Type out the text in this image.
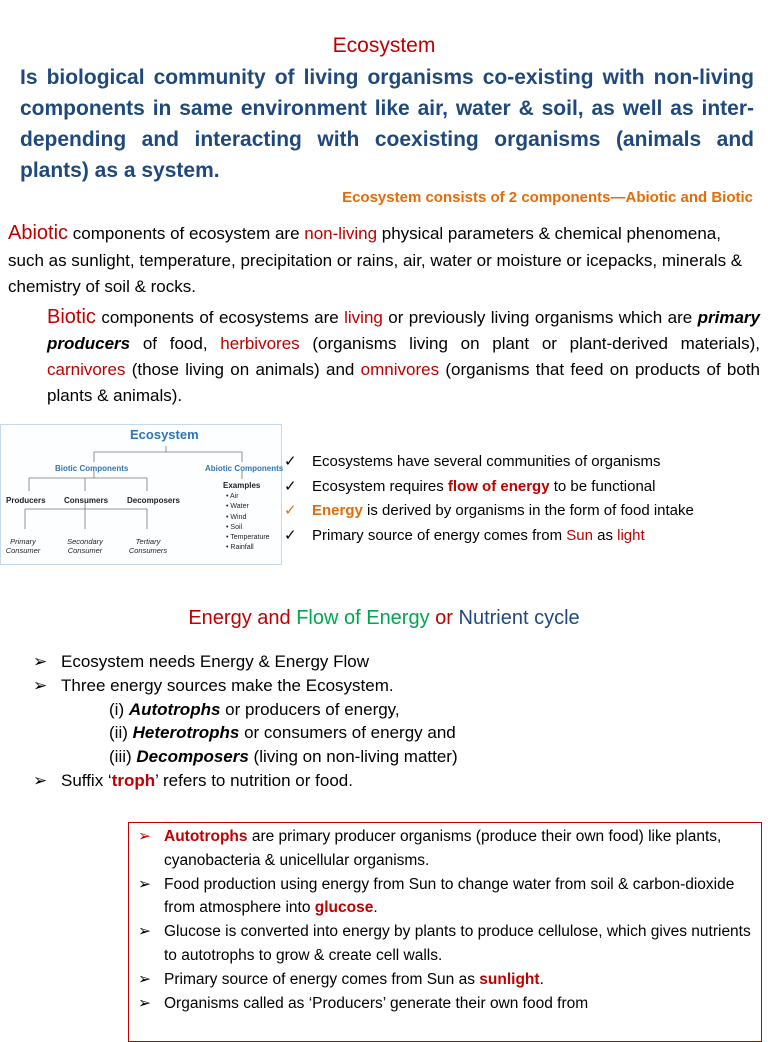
Ecosystem

Is biological community of living organisms co-existing with non-living components in same environment like air, water & soil, as well as inter-depending and interacting with coexisting organisms (animals and plants) as a system.

Ecosystem consists of 2 components—Abiotic and Biotic

Abiotic components of ecosystem are non-living physical parameters & chemical phenomena, such as sunlight, temperature, precipitation or rains, air, water or moisture or icepacks, minerals & chemistry of soil & rocks.

Biotic components of ecosystems are living or previously living organisms which are primary producers of food, herbivores (organisms living on plant or plant-derived materials), carnivores (those living on animals) and omnivores (organisms that feed on products of both plants & animals).

Ecosystem
Biotic Components	Abiotic Components
Producers Consumers Decomposers
Primary Consumer
Secondary Consumer
Tertiary Consumers
Examples
• Air
• Water
• Wind
• Soil
• Temperature
• Rainfall
✓ Ecosystems have several communities of organisms
✓ Ecosystem requires flow of energy to be functional
✓ Energy is derived by organisms in the form of food intake
✓ Primary source of energy comes from Sun as light
Energy and Flow of Energy or Nutrient cycle
➢ Ecosystem needs Energy & Energy Flow
➢ Three energy sources make the Ecosystem.
(i) Autotrophs or producers of energy,
(ii) Heterotrophs or consumers of energy and
(iii) Decomposers (living on non-living matter)
➢ Suffix ‘troph’ refers to nutrition or food.
➢ Autotrophs are primary producer organisms (produce their own food) like plants, cyanobacteria & unicellular organisms.
➢ Food production using energy from Sun to change water from soil & carbon-dioxide from atmosphere into glucose.
➢ Glucose is converted into energy by plants to produce cellulose, which gives nutrients to autotrophs to grow & create cell walls.
➢ Primary source of energy comes from Sun as sunlight.
➢ Organisms called as ‘Producers’ generate their own food from
